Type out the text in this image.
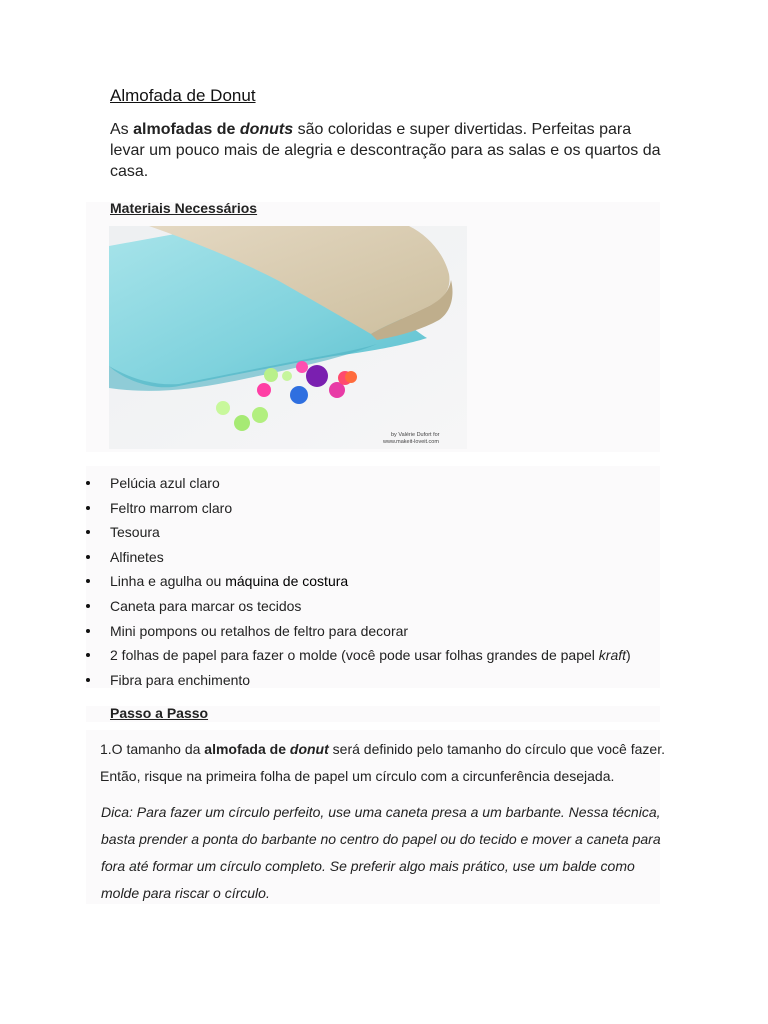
Almofada de Donut
As almofadas de donuts são coloridas e super divertidas. Perfeitas para levar um pouco mais de alegria e descontração para as salas e os quartos da casa.
Materiais Necessários
by Valérie Dufort for
www.makeit-loveit.com
Pelúcia azul claro
Feltro marrom claro
Tesoura
Alfinetes
Linha e agulha ou máquina de costura
Caneta para marcar os tecidos
Mini pompons ou retalhos de feltro para decorar
2 folhas de papel para fazer o molde (você pode usar folhas grandes de papel kraft)
Fibra para enchimento
Passo a Passo
1.O tamanho da almofada de donut será definido pelo tamanho do círculo que você fazer. Então, risque na primeira folha de papel um círculo com a circunferência desejada.
Dica: Para fazer um círculo perfeito, use uma caneta presa a um barbante. Nessa técnica, basta prender a ponta do barbante no centro do papel ou do tecido e mover a caneta para fora até formar um círculo completo. Se preferir algo mais prático, use um balde como molde para riscar o círculo.
